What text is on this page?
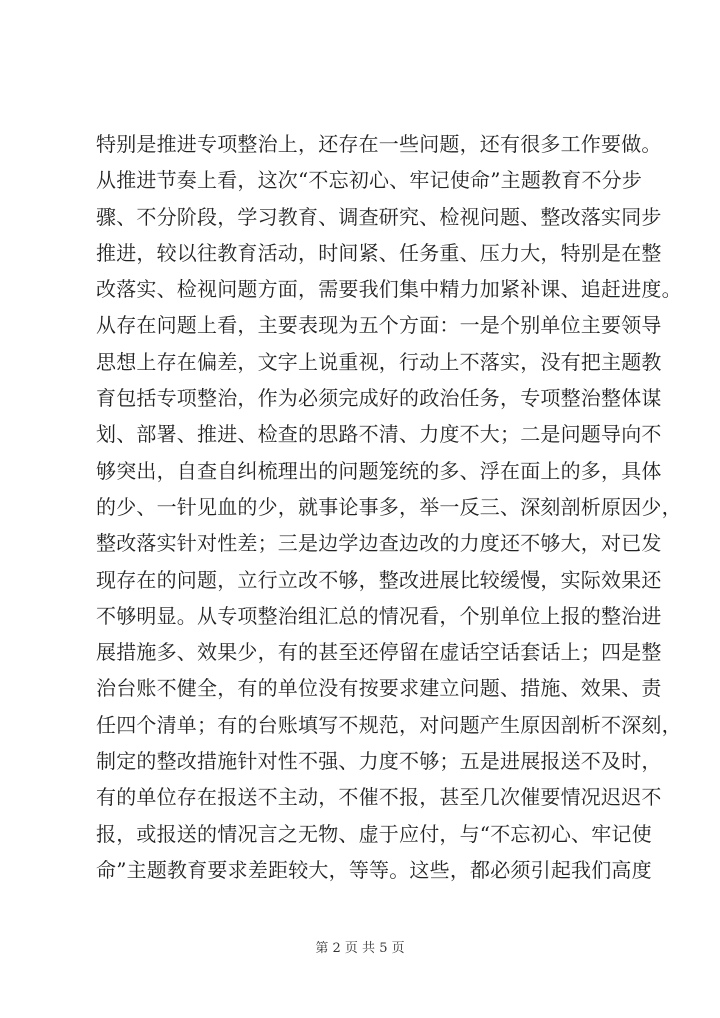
特别是推进专项整治上，还存在一些问题，还有很多工作要做。
从推进节奏上看，这次“不忘初心、牢记使命”主题教育不分步
骤、不分阶段，学习教育、调查研究、检视问题、整改落实同步
推进，较以往教育活动，时间紧、任务重、压力大，特别是在整
改落实、检视问题方面，需要我们集中精力加紧补课、追赶进度。
从存在问题上看，主要表现为五个方面：一是个别单位主要领导
思想上存在偏差，文字上说重视，行动上不落实，没有把主题教
育包括专项整治，作为必须完成好的政治任务，专项整治整体谋
划、部署、推进、检查的思路不清、力度不大；二是问题导向不
够突出，自查自纠梳理出的问题笼统的多、浮在面上的多，具体
的少、一针见血的少，就事论事多，举一反三、深刻剖析原因少，
整改落实针对性差；三是边学边查边改的力度还不够大，对已发
现存在的问题，立行立改不够，整改进展比较缓慢，实际效果还
不够明显。从专项整治组汇总的情况看，个别单位上报的整治进
展措施多、效果少，有的甚至还停留在虚话空话套话上；四是整
治台账不健全，有的单位没有按要求建立问题、措施、效果、责
任四个清单；有的台账填写不规范，对问题产生原因剖析不深刻，
制定的整改措施针对性不强、力度不够；五是进展报送不及时，
有的单位存在报送不主动，不催不报，甚至几次催要情况迟迟不
报，或报送的情况言之无物、虚于应付，与“不忘初心、牢记使
命”主题教育要求差距较大，等等。这些，都必须引起我们高度
第 2 页 共 5 页
